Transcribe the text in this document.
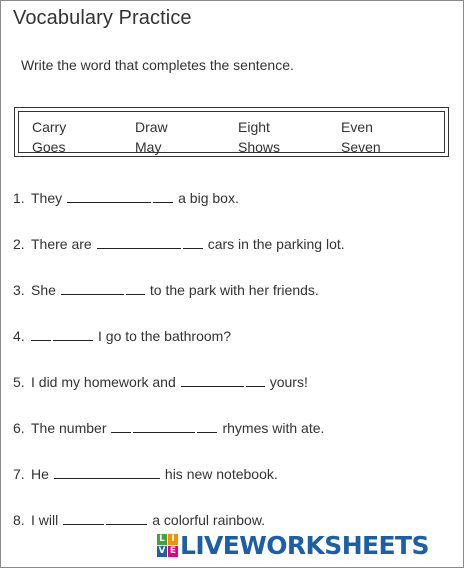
Vocabulary Practice
Write the word that completes the sentence.
Carry	Draw	Eight	Even
Goes	May	Shows	Seven
1. They	a big box.
2. There are	cars in the parking lot.
3. She	to the park with her friends.
4.	I go to the bathroom?
5. I did my homework and	yours!
6. The number	rhymes with ate.
7. He	his new notebook.
8. I will	a colorful rainbow.
L I
V E LIVEWORKSHEETS
